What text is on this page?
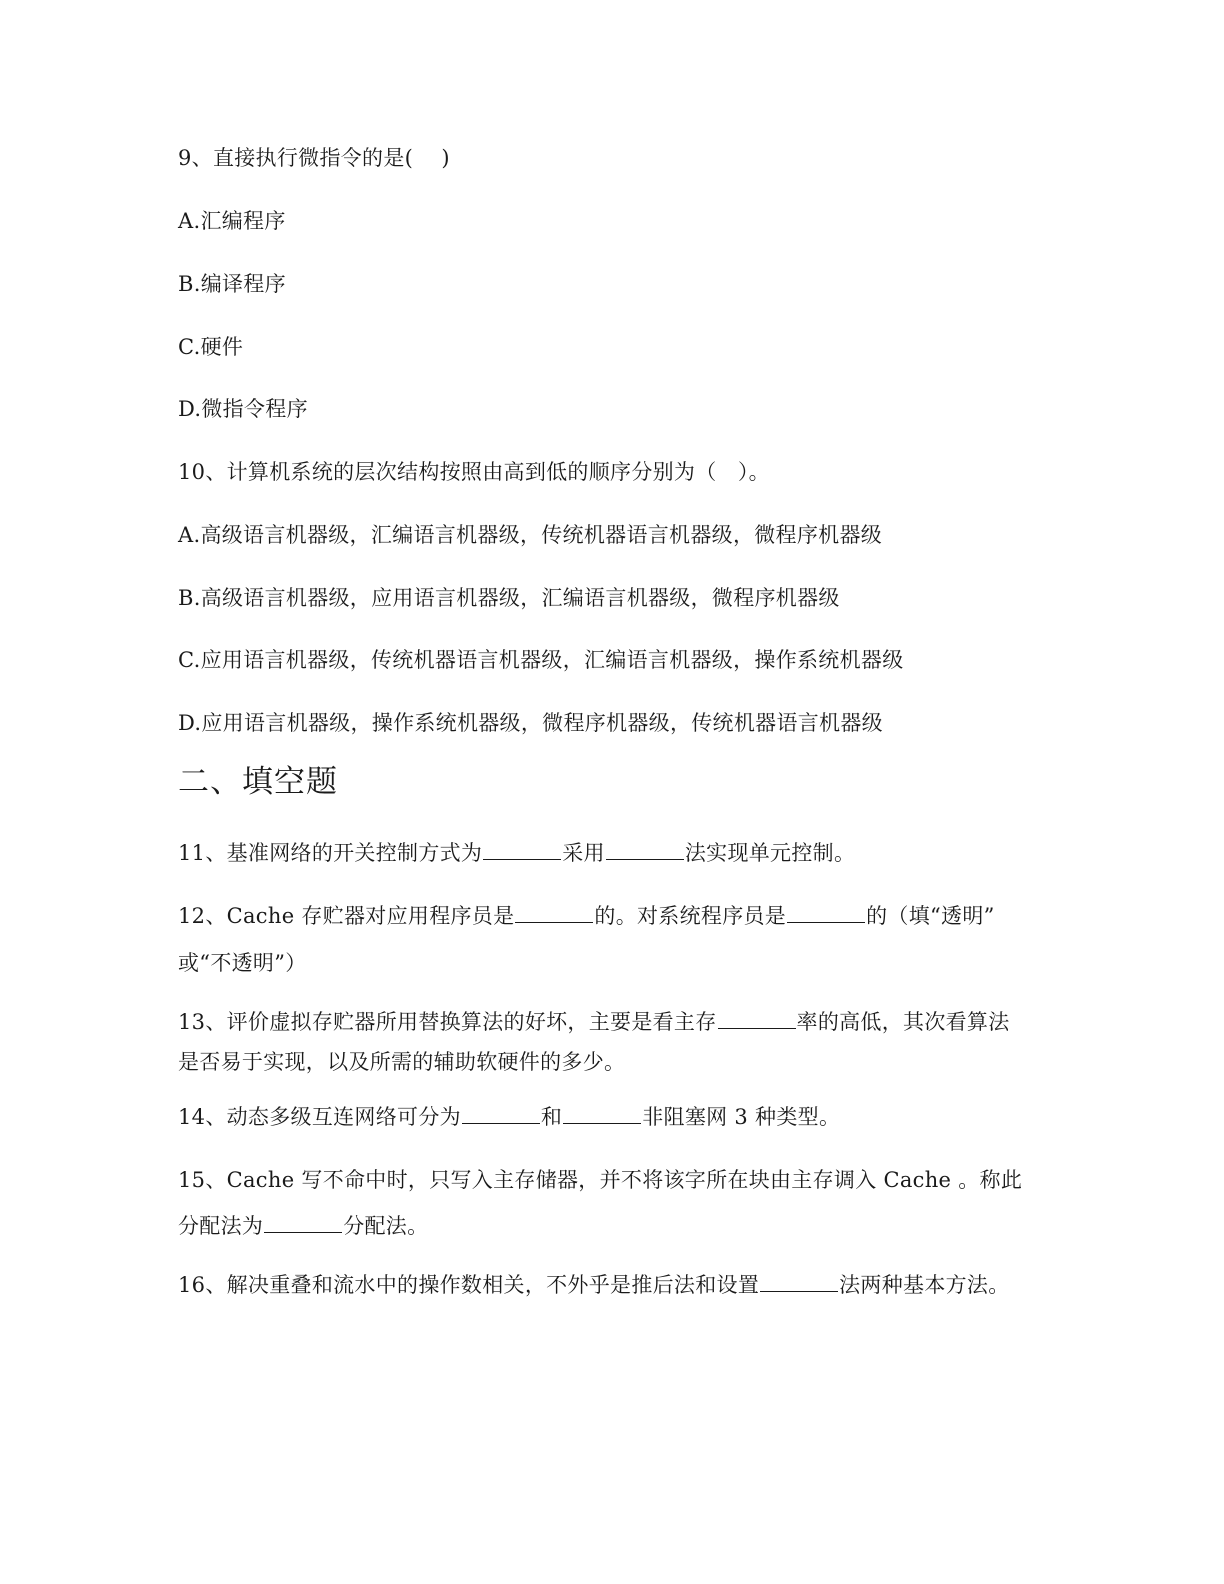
9、直接执行微指令的是(　 )
A.汇编程序
B.编译程序
C.硬件
D.微指令程序
10、计算机系统的层次结构按照由高到低的顺序分别为（　）。
A.高级语言机器级，汇编语言机器级，传统机器语言机器级，微程序机器级
B.高级语言机器级，应用语言机器级，汇编语言机器级，微程序机器级
C.应用语言机器级，传统机器语言机器级，汇编语言机器级，操作系统机器级
D.应用语言机器级，操作系统机器级，微程序机器级，传统机器语言机器级
二、填空题
11、基准网络的开关控制方式为	采用	法实现单元控制。
12、Cache 存贮器对应用程序员是	的。对系统程序员是	的（填“透明”
或“不透明”）
13、评价虚拟存贮器所用替换算法的好坏，主要是看主存	率的高低，其次看算法
是否易于实现，以及所需的辅助软硬件的多少。
14、动态多级互连网络可分为	和	非阻塞网 3 种类型。
15、Cache 写不命中时，只写入主存储器，并不将该字所在块由主存调入 Cache 。称此
分配法为	分配法。
16、解决重叠和流水中的操作数相关，不外乎是推后法和设置	法两种基本方法。
